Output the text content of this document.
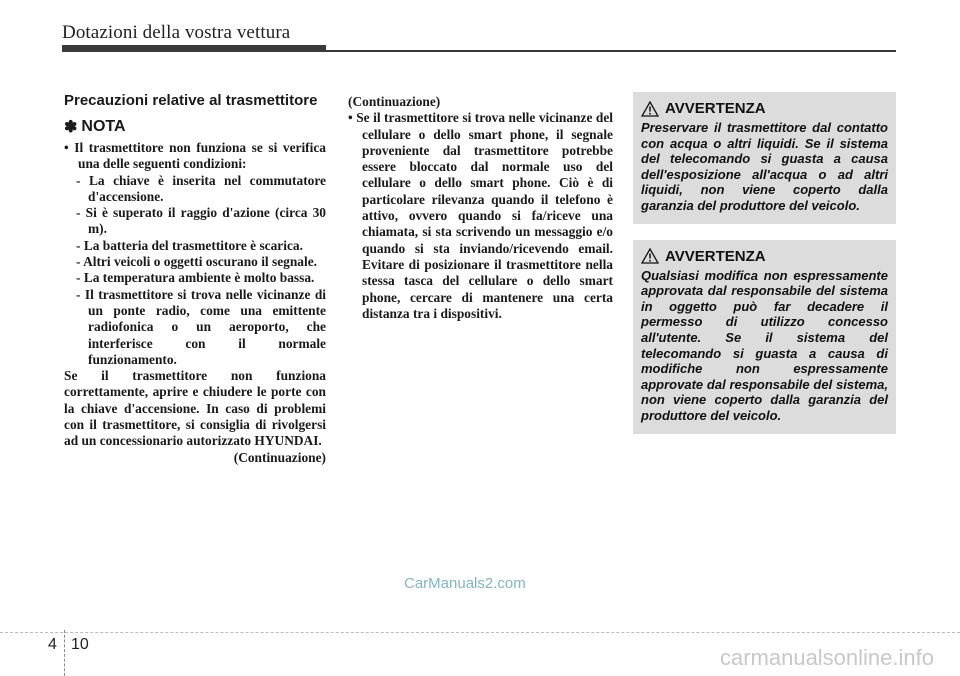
Dotazioni della vostra vettura
Precauzioni relative al trasmettitore
✽ NOTA

• Il trasmettitore non funziona se si verifica una delle seguenti condizioni:

- La chiave è inserita nel commutatore d'accensione.

- Si è superato il raggio d'azione (circa 30 m).

- La batteria del trasmettitore è scarica.

- Altri veicoli o oggetti oscurano il segnale.

- La temperatura ambiente è molto bassa.

- Il trasmettitore si trova nelle vicinanze di un ponte radio, come una emittente radiofonica o un aeroporto, che interferisce con il normale funzionamento.

Se il trasmettitore non funziona correttamente, aprire e chiudere le porte con la chiave d'accensione. In caso di problemi con il trasmettitore, si consiglia di rivolgersi ad un concessionario autorizzato HYUNDAI.

(Continuazione)

(Continuazione)

• Se il trasmettitore si trova nelle vicinanze del cellulare o dello smart phone, il segnale proveniente dal trasmettitore potrebbe essere bloccato dal normale uso del cellulare o dello smart phone. Ciò è di particolare rilevanza quando il telefono è attivo, ovvero quando si fa/riceve una chiamata, si sta scrivendo un messaggio e/o quando si sta inviando/ricevendo email. Evitare di posizionare il trasmettitore nella stessa tasca del cellulare o dello smart phone, cercare di mantenere una certa distanza tra i dispositivi.

AVVERTENZA
Preservare il trasmettitore dal contatto con acqua o altri liquidi. Se il sistema del telecomando si guasta a causa dell'esposizione all'acqua o ad altri liquidi, non viene coperto dalla garanzia del produttore del veicolo.
AVVERTENZA
Qualsiasi modifica non espressamente approvata dal responsabile del sistema in oggetto può far decadere il permesso di utilizzo concesso all'utente. Se il sistema del telecomando si guasta a causa di modifiche non espressamente approvate dal responsabile del sistema, non viene coperto dalla garanzia del produttore del veicolo.
CarManuals2.com
4 10
carmanualsonline.info
